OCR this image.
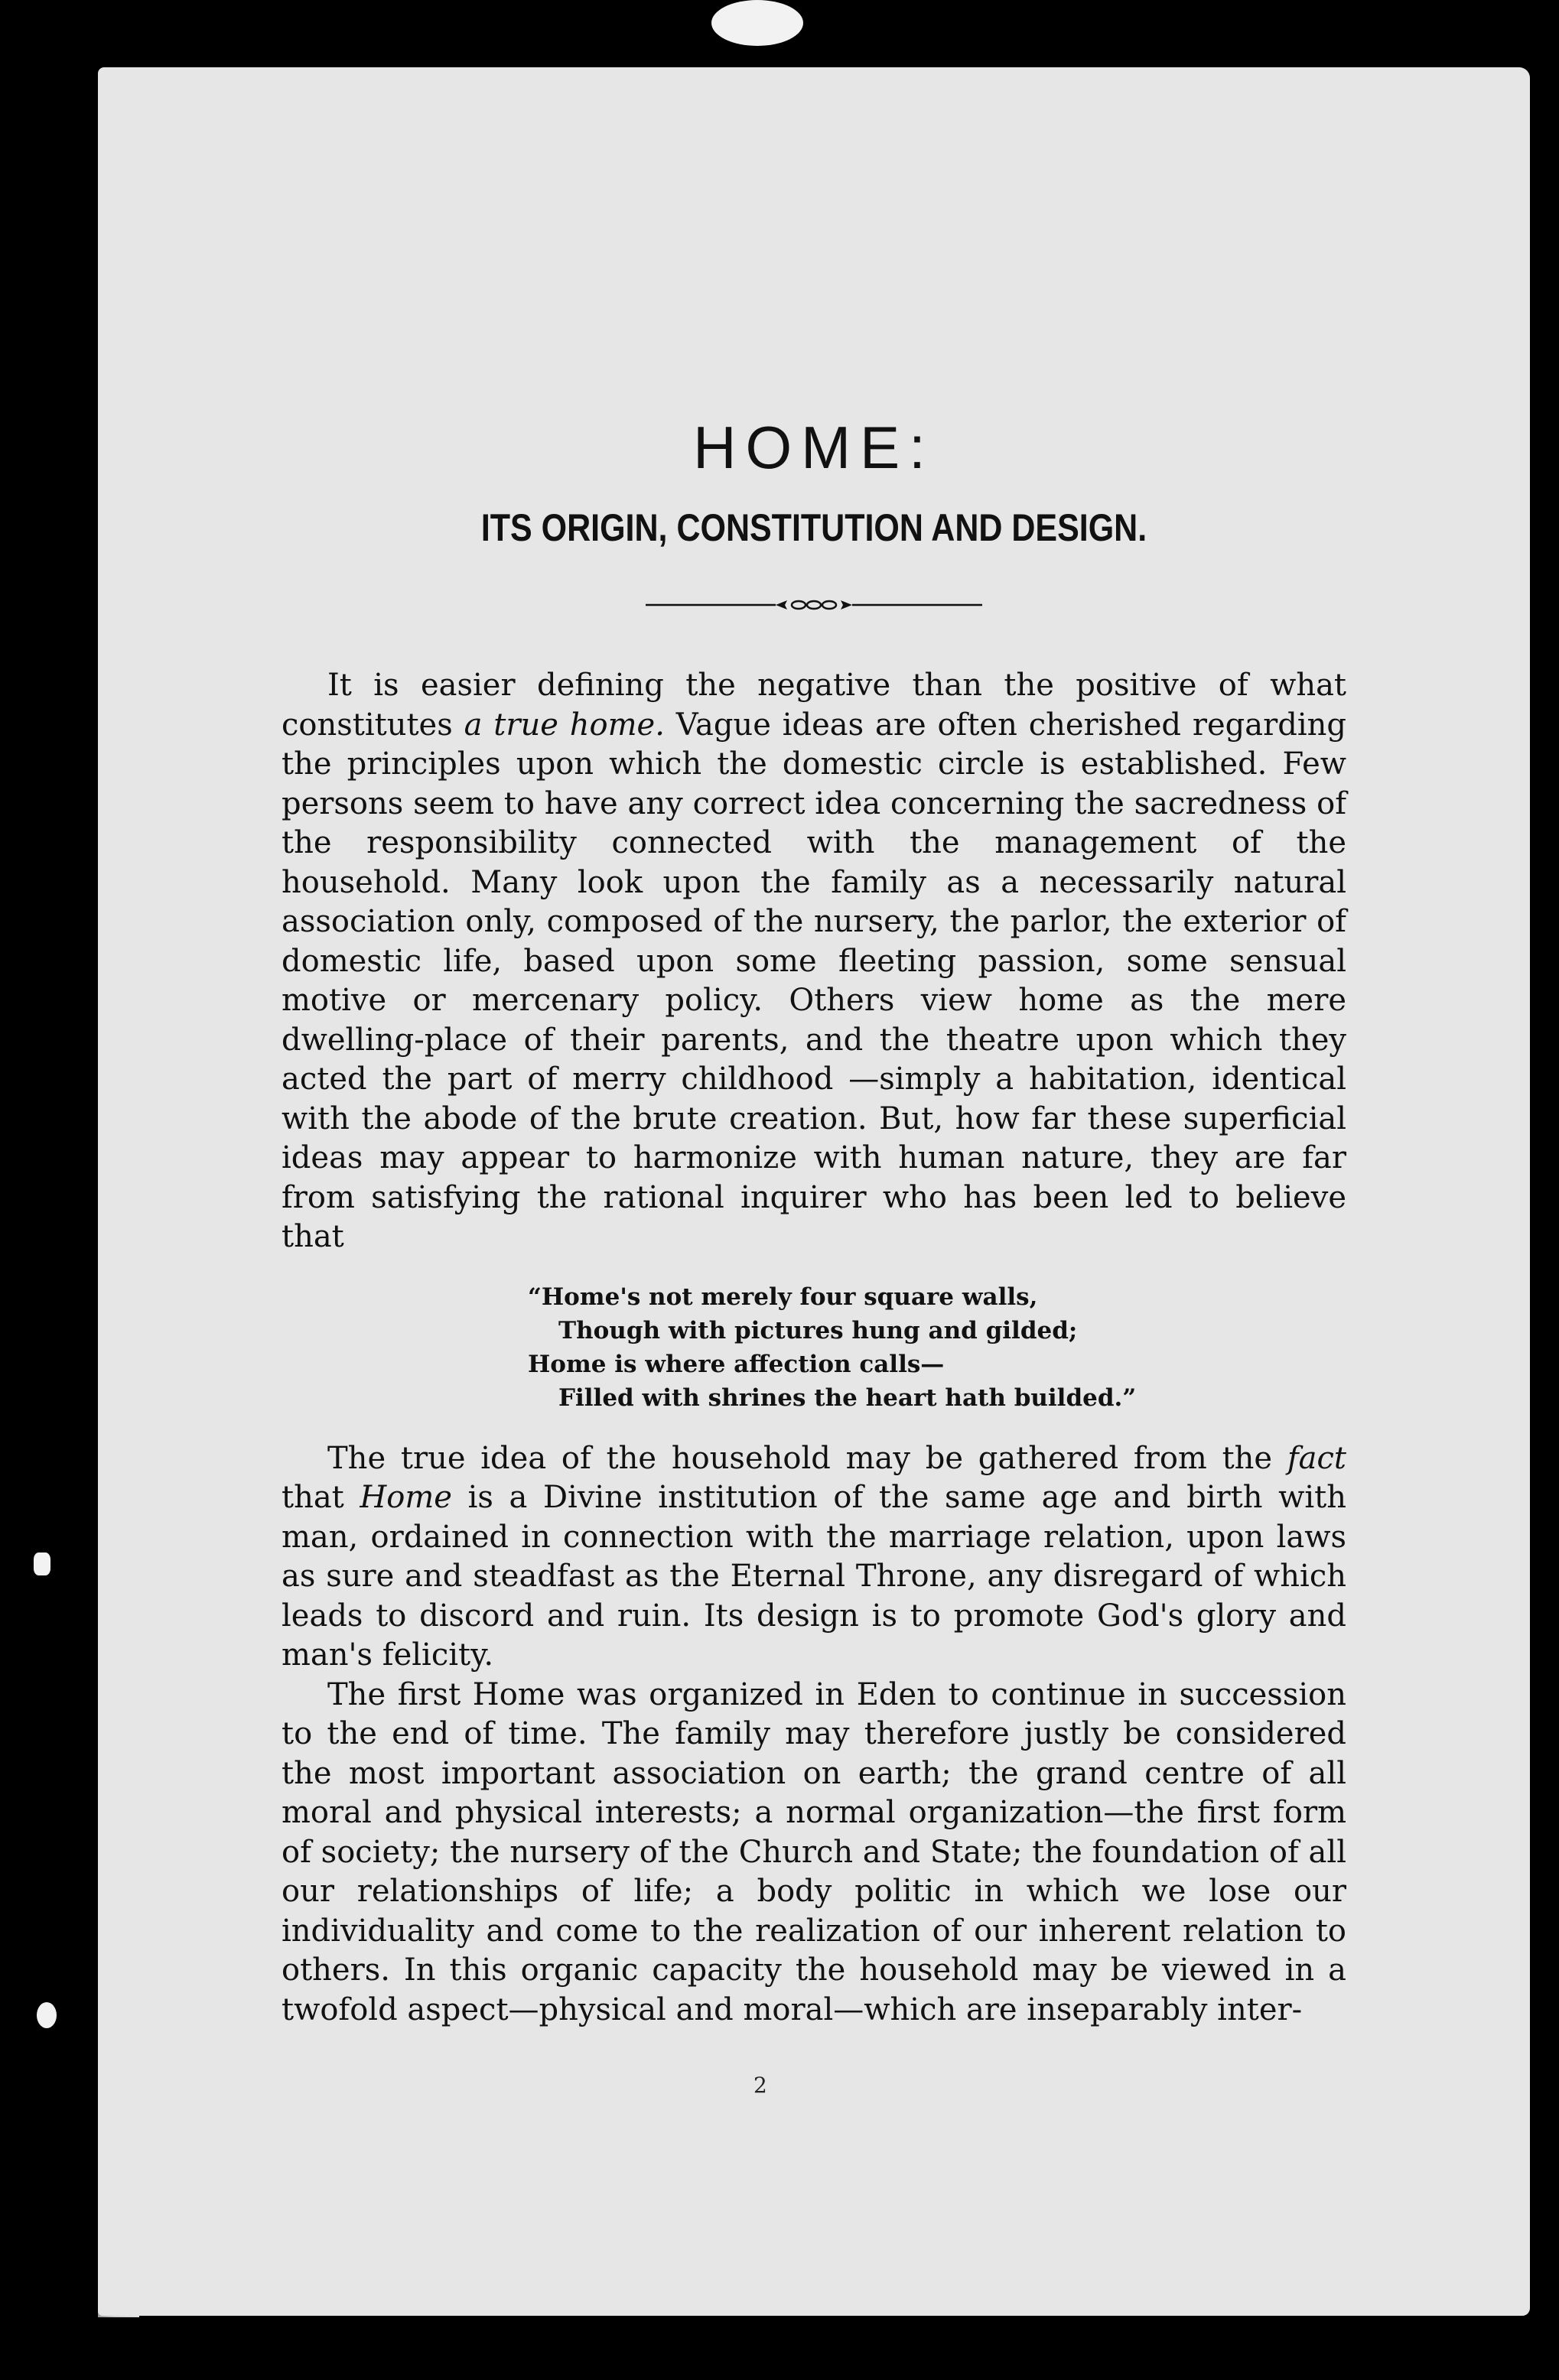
HOME:
ITS ORIGIN, CONSTITUTION AND DESIGN.

It is easier defining the negative than the positive of what constitutes a true home. Vague ideas are often cherished regarding the principles upon which the domestic circle is established. Few persons seem to have any correct idea concerning the sacredness of the responsibility connected with the management of the household. Many look upon the family as a necessarily natural association only, composed of the nursery, the parlor, the exterior of domestic life, based upon some fleeting passion, some sensual motive or mercenary policy. Others view home as the mere dwelling-place of their parents, and the theatre upon which they acted the part of merry childhood —simply a habitation, identical with the abode of the brute creation. But, how far these superficial ideas may appear to harmonize with human nature, they are far from satisfying the rational inquirer who has been led to believe that

“Home's not merely four square walls,
Though with pictures hung and gilded;
Home is where affection calls—
Filled with shrines the heart hath builded.”

The true idea of the household may be gathered from the fact that Home is a Divine institution of the same age and birth with man, ordained in connection with the marriage relation, upon laws as sure and steadfast as the Eternal Throne, any disregard of which leads to discord and ruin. Its design is to promote God's glory and man's felicity.

The first Home was organized in Eden to continue in succession to the end of time. The family may therefore justly be considered the most important association on earth; the grand centre of all moral and physical interests; a normal organization—the first form of society; the nursery of the Church and State; the foundation of all our relationships of life; a body politic in which we lose our individuality and come to the realization of our inherent relation to others. In this organic capacity the household may be viewed in a twofold aspect—physical and moral—which are inseparably inter-

2
